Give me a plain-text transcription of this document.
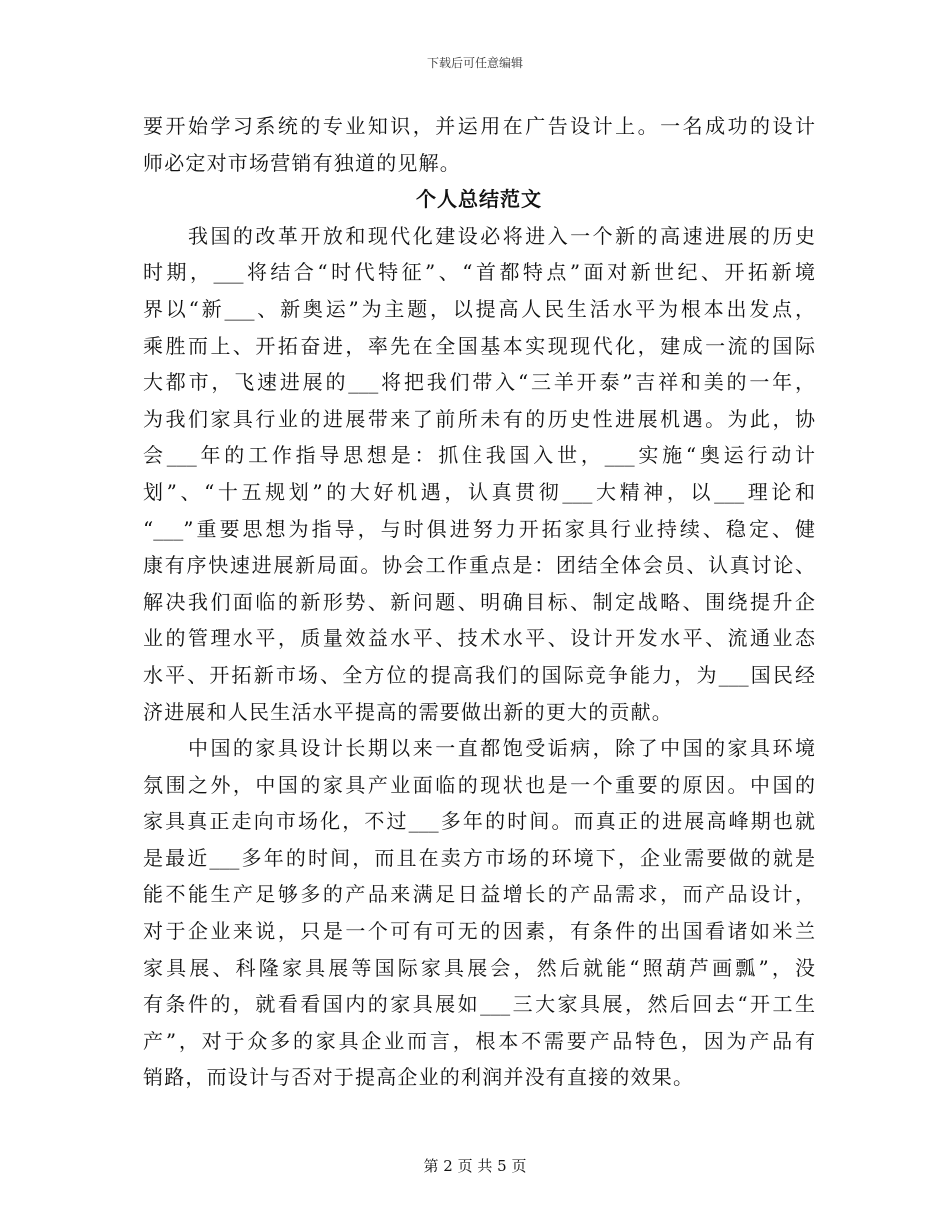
下载后可任意编辑
要开始学习系统的专业知识，并运用在广告设计上。一名成功的设计
师必定对市场营销有独道的见解。
个人总结范文
　　我国的改革开放和现代化建设必将进入一个新的高速进展的历史
时期，___将结合“时代特征”、“首都特点”面对新世纪、开拓新境
界以“新___、新奥运”为主题，以提高人民生活水平为根本出发点，
乘胜而上、开拓奋进，率先在全国基本实现现代化，建成一流的国际
大都市，飞速进展的___将把我们带入“三羊开泰”吉祥和美的一年，
为我们家具行业的进展带来了前所未有的历史性进展机遇。为此，协
会___年的工作指导思想是：抓住我国入世，___实施“奥运行动计
划”、“十五规划”的大好机遇，认真贯彻___大精神，以___理论和
“___”重要思想为指导，与时俱进努力开拓家具行业持续、稳定、健
康有序快速进展新局面。协会工作重点是：团结全体会员、认真讨论、
解决我们面临的新形势、新问题、明确目标、制定战略、围绕提升企
业的管理水平，质量效益水平、技术水平、设计开发水平、流通业态
水平、开拓新市场、全方位的提高我们的国际竞争能力，为___国民经
济进展和人民生活水平提高的需要做出新的更大的贡献。
　　中国的家具设计长期以来一直都饱受诟病，除了中国的家具环境
氛围之外，中国的家具产业面临的现状也是一个重要的原因。中国的
家具真正走向市场化，不过___多年的时间。而真正的进展高峰期也就
是最近___多年的时间，而且在卖方市场的环境下，企业需要做的就是
能不能生产足够多的产品来满足日益增长的产品需求，而产品设计，
对于企业来说，只是一个可有可无的因素，有条件的出国看诸如米兰
家具展、科隆家具展等国际家具展会，然后就能“照葫芦画瓢”，没
有条件的，就看看国内的家具展如___三大家具展，然后回去“开工生
产”，对于众多的家具企业而言，根本不需要产品特色，因为产品有
销路，而设计与否对于提高企业的利润并没有直接的效果。
第 2 页 共 5 页
